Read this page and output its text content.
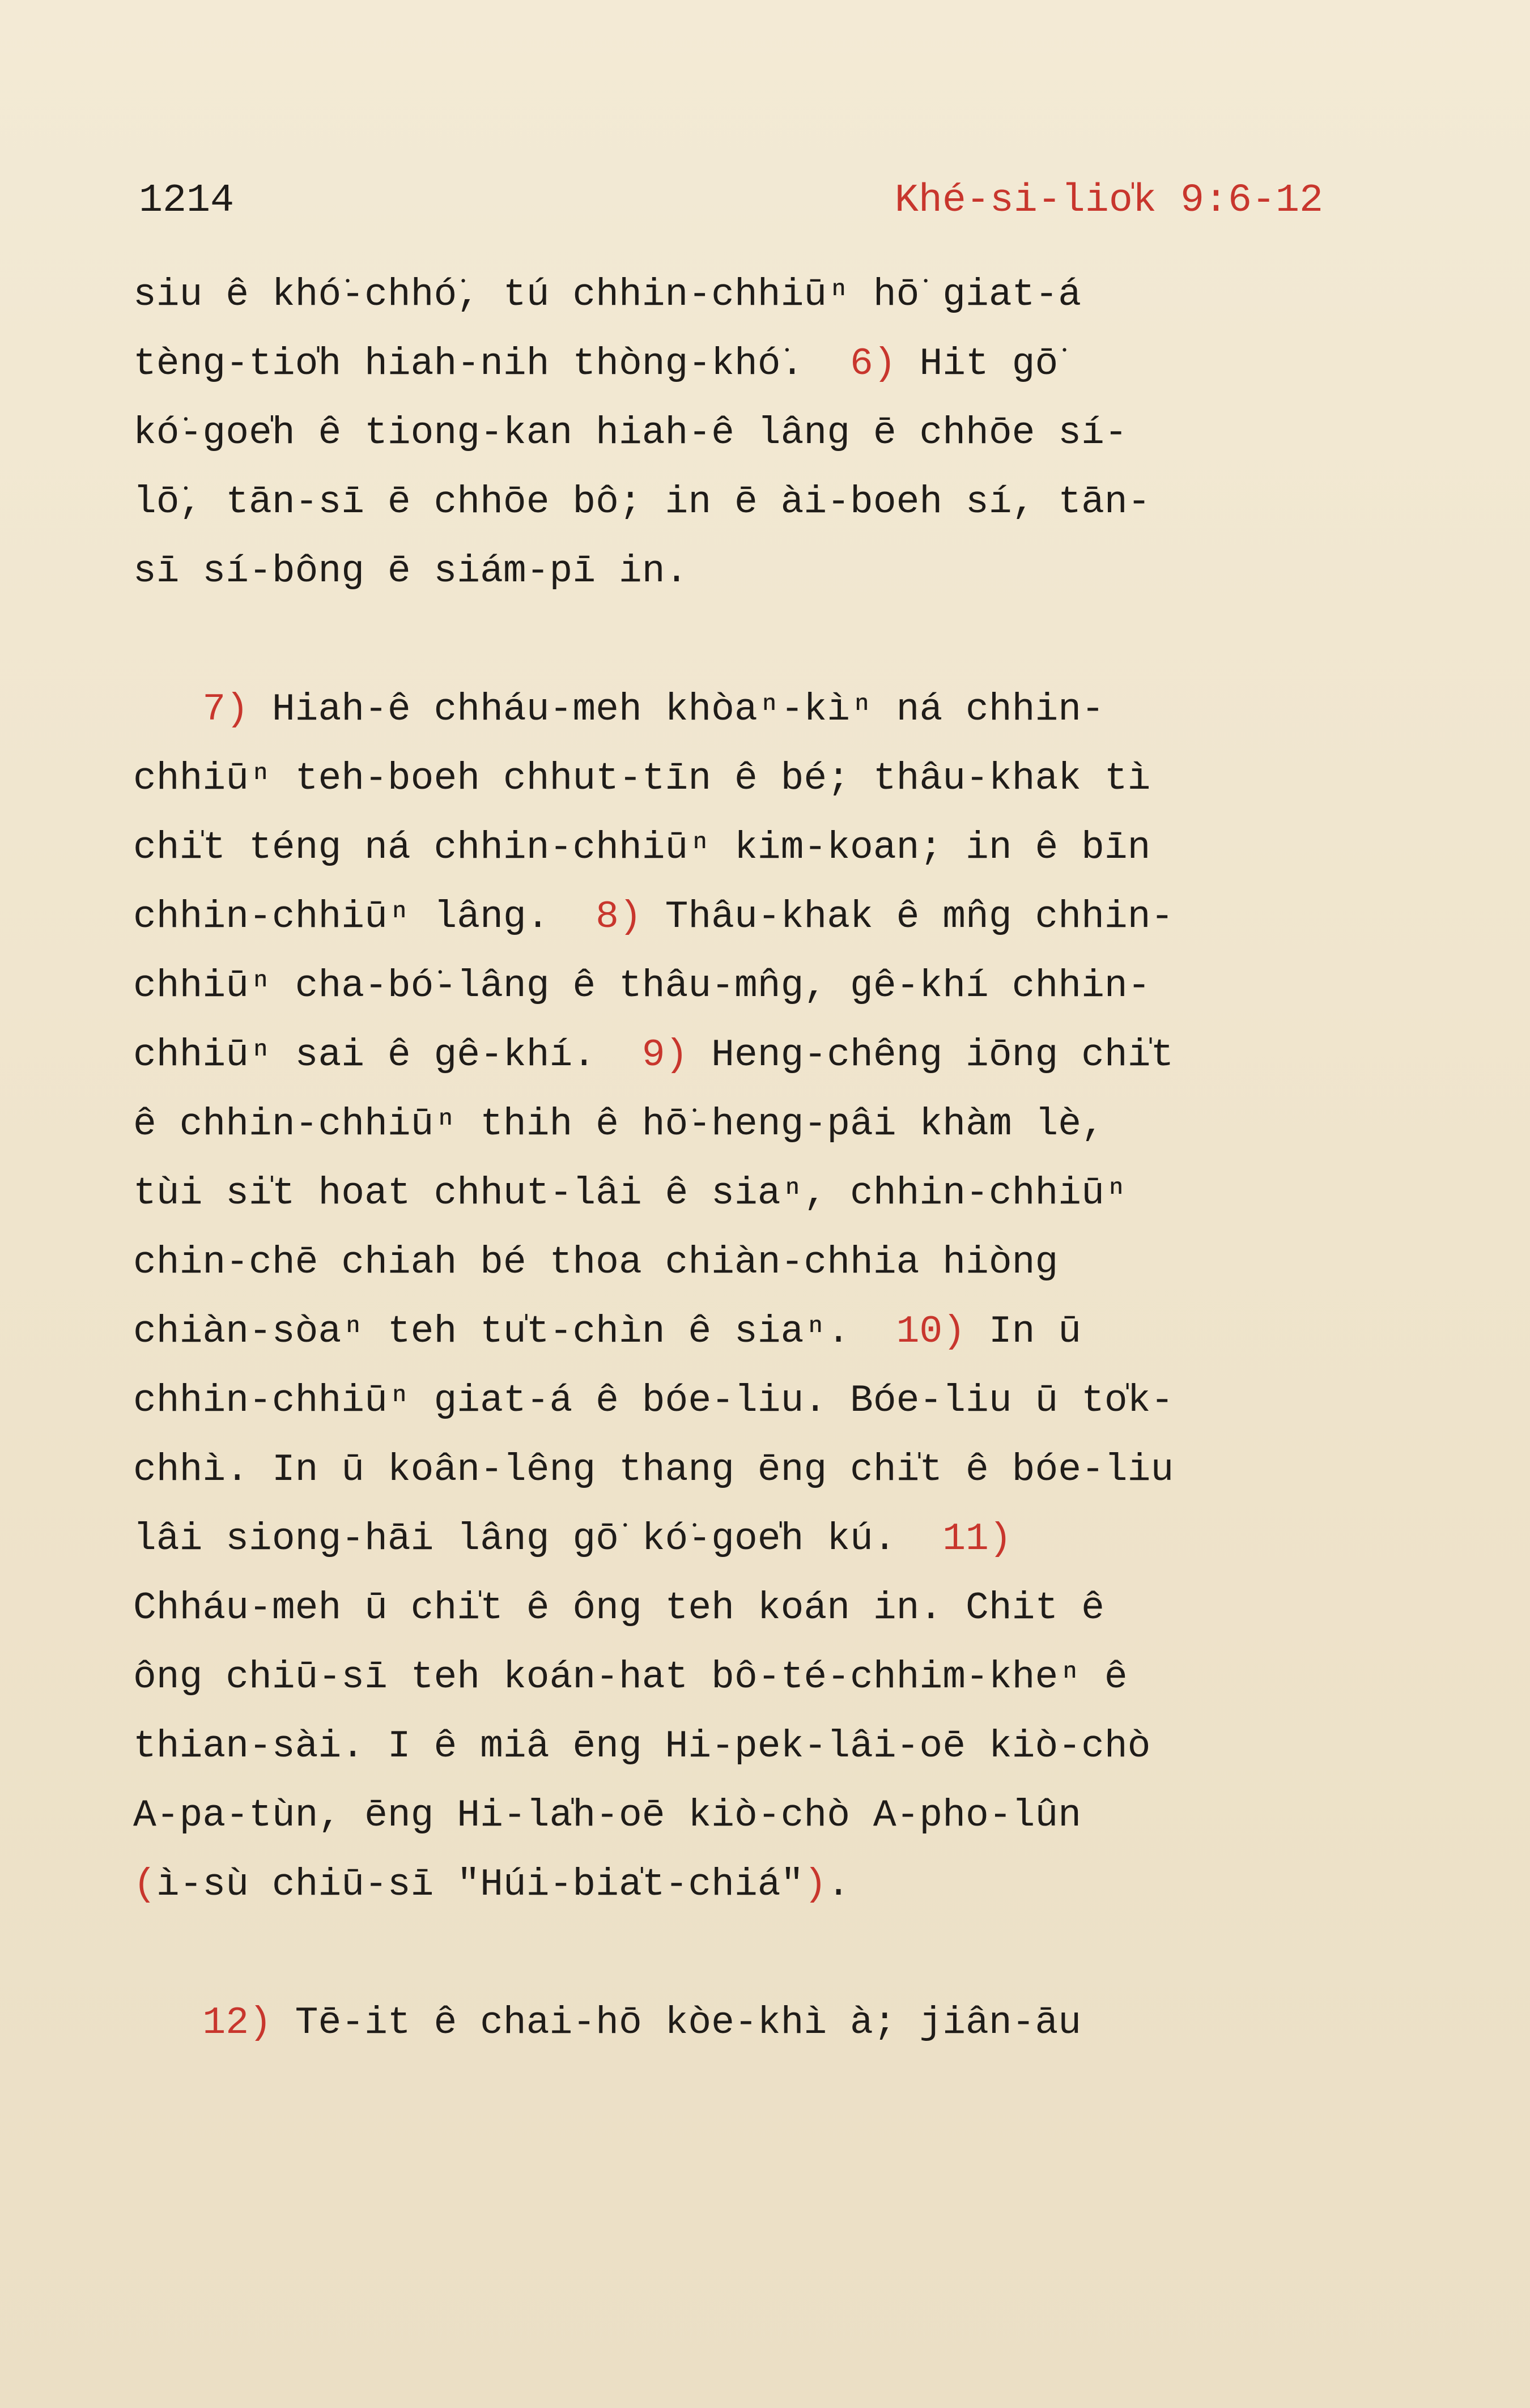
1214	Khé-si-lio̍k 9:6-12
siu ê khó͘-chhó͘, tú chhin-chhiūⁿ hō͘ giat-á
tèng-tio̍h hiah-nih thòng-khó͘.  6) Hit gō͘
kó͘-goe̍h ê tiong-kan hiah-ê lâng ē chhōe sí-
lō͘, tān-sī ē chhōe bô; in ē ài-boeh sí, tān-
sī sí-bông ē siám-pī in.
7) Hiah-ê chháu-meh khòaⁿ-kìⁿ ná chhin-
chhiūⁿ teh-boeh chhut-tīn ê bé; thâu-khak tì
chi̍t téng ná chhin-chhiūⁿ kim-koan; in ê bīn
chhin-chhiūⁿ lâng.  8) Thâu-khak ê mn̂g chhin-
chhiūⁿ cha-bó͘-lâng ê thâu-mn̂g, gê-khí chhin-
chhiūⁿ sai ê gê-khí.  9) Heng-chêng iōng chi̍t
ê chhin-chhiūⁿ thih ê hō͘-heng-pâi khàm lè,
tùi si̍t hoat chhut-lâi ê siaⁿ, chhin-chhiūⁿ
chin-chē chiah bé thoa chiàn-chhia hiòng
chiàn-sòaⁿ teh tu̍t-chìn ê siaⁿ.  10) In ū
chhin-chhiūⁿ giat-á ê bóe-liu. Bóe-liu ū to̍k-
chhì. In ū koân-lêng thang ēng chi̍t ê bóe-liu
lâi siong-hāi lâng gō͘ kó͘-goe̍h kú.  11)
Chháu-meh ū chi̍t ê ông teh koán in. Chit ê
ông chiū-sī teh koán-hat bô-té-chhim-kheⁿ ê
thian-sài. I ê miâ ēng Hi-pek-lâi-oē kiò-chò
A-pa-tùn, ēng Hi-la̍h-oē kiò-chò A-pho-lûn
(ì-sù chiū-sī "Húi-bia̍t-chiá").
12) Tē-it ê chai-hō kòe-khì à; jiân-āu
